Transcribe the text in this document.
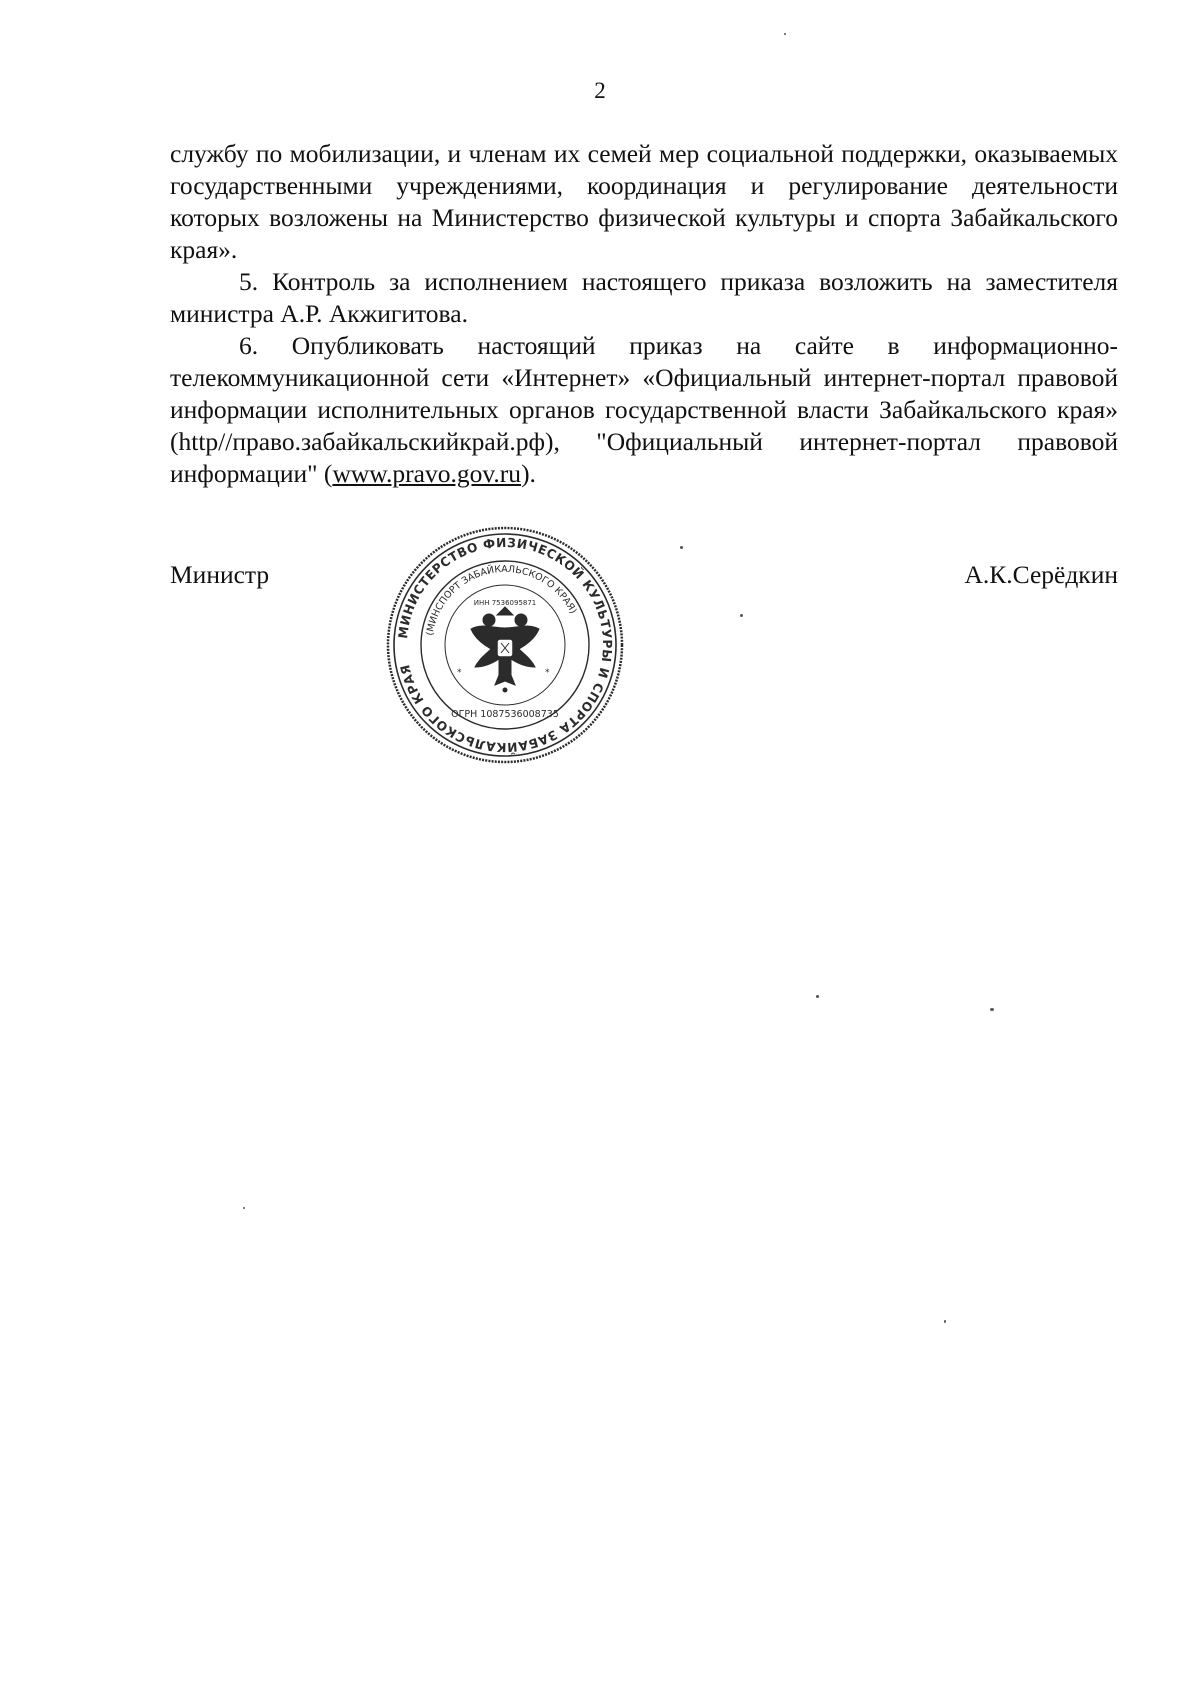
2

службу по мобилизации, и членам их семей мер социальной поддержки, оказываемых государственными учреждениями, координация и регулирование деятельности которых возложены на Министерство физической культуры и спорта Забайкальского края».

5. Контроль за исполнением настоящего приказа возложить на заместителя министра А.Р. Акжигитова.

6. Опубликовать настоящий приказ на сайте в информационно-телекоммуникационной сети «Интернет» «Официальный интернет-портал правовой информации исполнительных органов государственной власти Забайкальского края» (http//право.забайкальскийкрай.рф), "Официальный интернет-портал правовой информации" (www.pravo.gov.ru).

Министр	А.К.Серёдкин
МИНИСТЕРСТВО ФИЗИЧЕСКОЙ КУЛЬТУРЫ И СПОРТА ЗАБАЙКАЛЬСКОГО КРАЯ
(МИНСПОРТ ЗАБАЙКАЛЬСКОГО КРАЯ)
ИНН 7536095871
ОГРН 1087536008735
*	*
